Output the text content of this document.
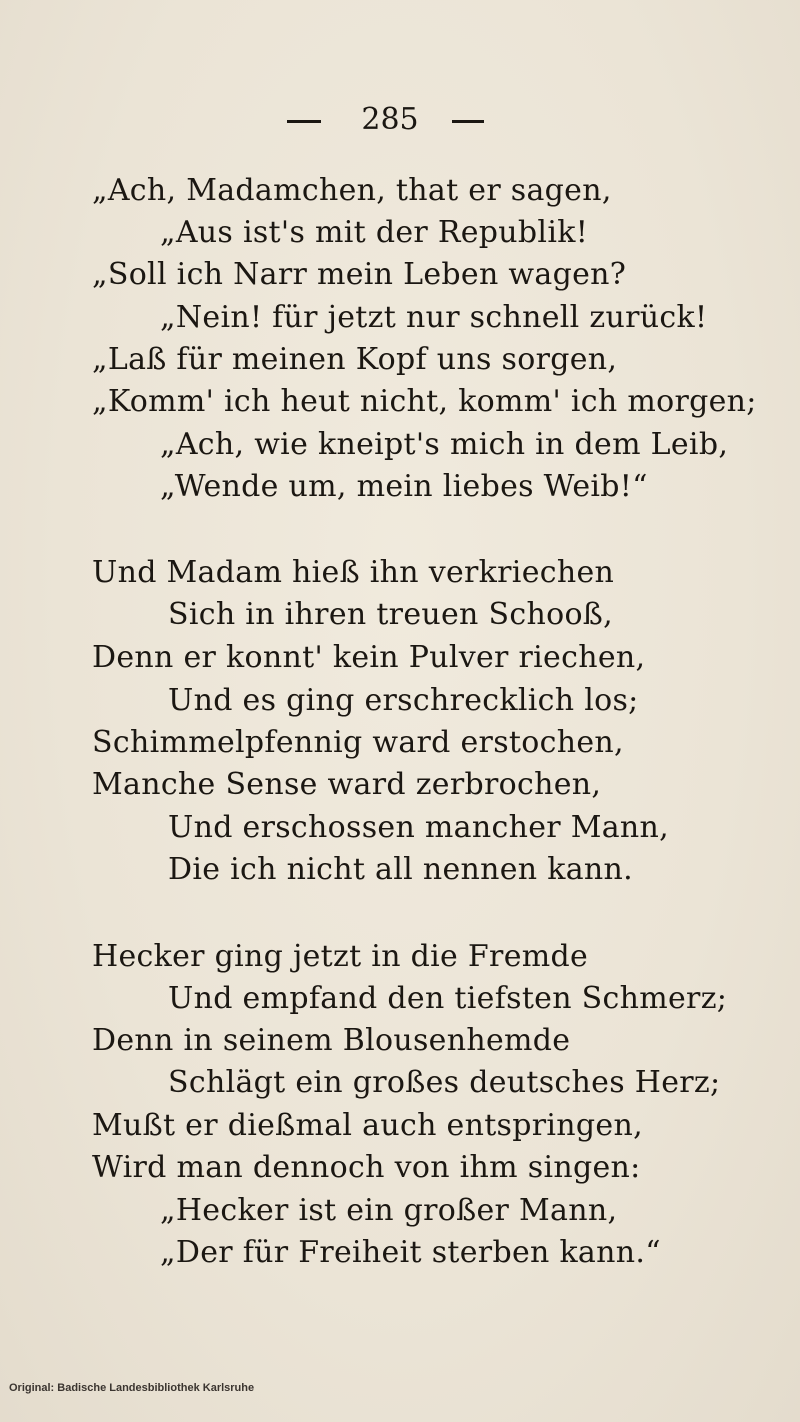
285
„Ach, Madamchen, that er sagen,
„Aus ist's mit der Republik!
„Soll ich Narr mein Leben wagen?
„Nein! für jetzt nur schnell zurück!
„Laß für meinen Kopf uns sorgen,
„Komm' ich heut nicht, komm' ich morgen;
„Ach, wie kneipt's mich in dem Leib,
„Wende um, mein liebes Weib!“
Und Madam hieß ihn verkriechen
Sich in ihren treuen Schooß,
Denn er konnt' kein Pulver riechen,
Und es ging erschrecklich los;
Schimmelpfennig ward erstochen,
Manche Sense ward zerbrochen,
Und erschossen mancher Mann,
Die ich nicht all nennen kann.
Hecker ging jetzt in die Fremde
Und empfand den tiefsten Schmerz;
Denn in seinem Blousenhemde
Schlägt ein großes deutsches Herz;
Mußt er dießmal auch entspringen,
Wird man dennoch von ihm singen:
„Hecker ist ein großer Mann,
„Der für Freiheit sterben kann.“
Original: Badische Landesbibliothek Karlsruhe
